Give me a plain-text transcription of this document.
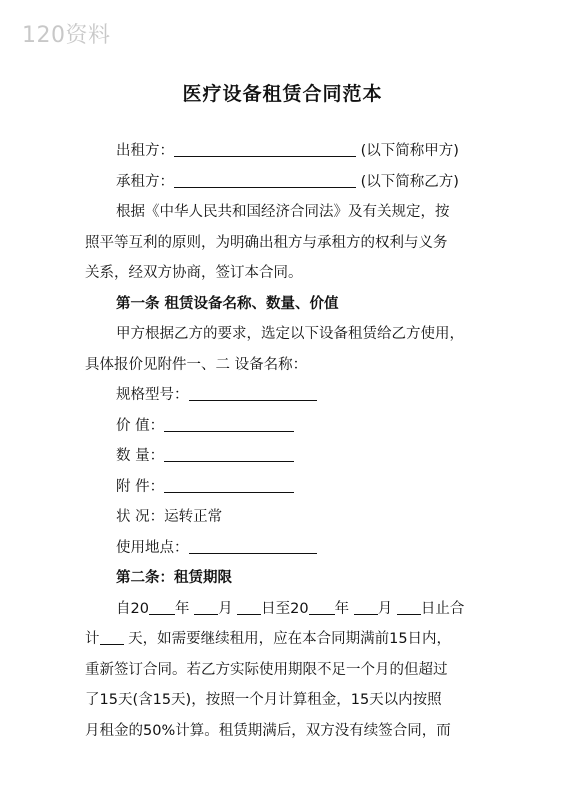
120资料
医疗设备租赁合同范本
出租方：	(以下简称甲方)
承租方：	(以下简称乙方)
根据《中华人民共和国经济合同法》及有关规定，按
照平等互利的原则，为明确出租方与承租方的权利与义务
关系，经双方协商，签订本合同。
第一条 租赁设备名称、数量、价值
甲方根据乙方的要求，选定以下设备租赁给乙方使用，
具体报价见附件一、二 设备名称：
规格型号：
价 值：
数 量：
附 件：
状 况：运转正常
使用地点：
第二条：租赁期限
自20 年 月 日至20 年 月 日止合
计 天，如需要继续租用，应在本合同期满前15日内，
重新签订合同。若乙方实际使用期限不足一个月的但超过
了15天(含15天)，按照一个月计算租金，15天以内按照
月租金的50%计算。租赁期满后，双方没有续签合同，而
